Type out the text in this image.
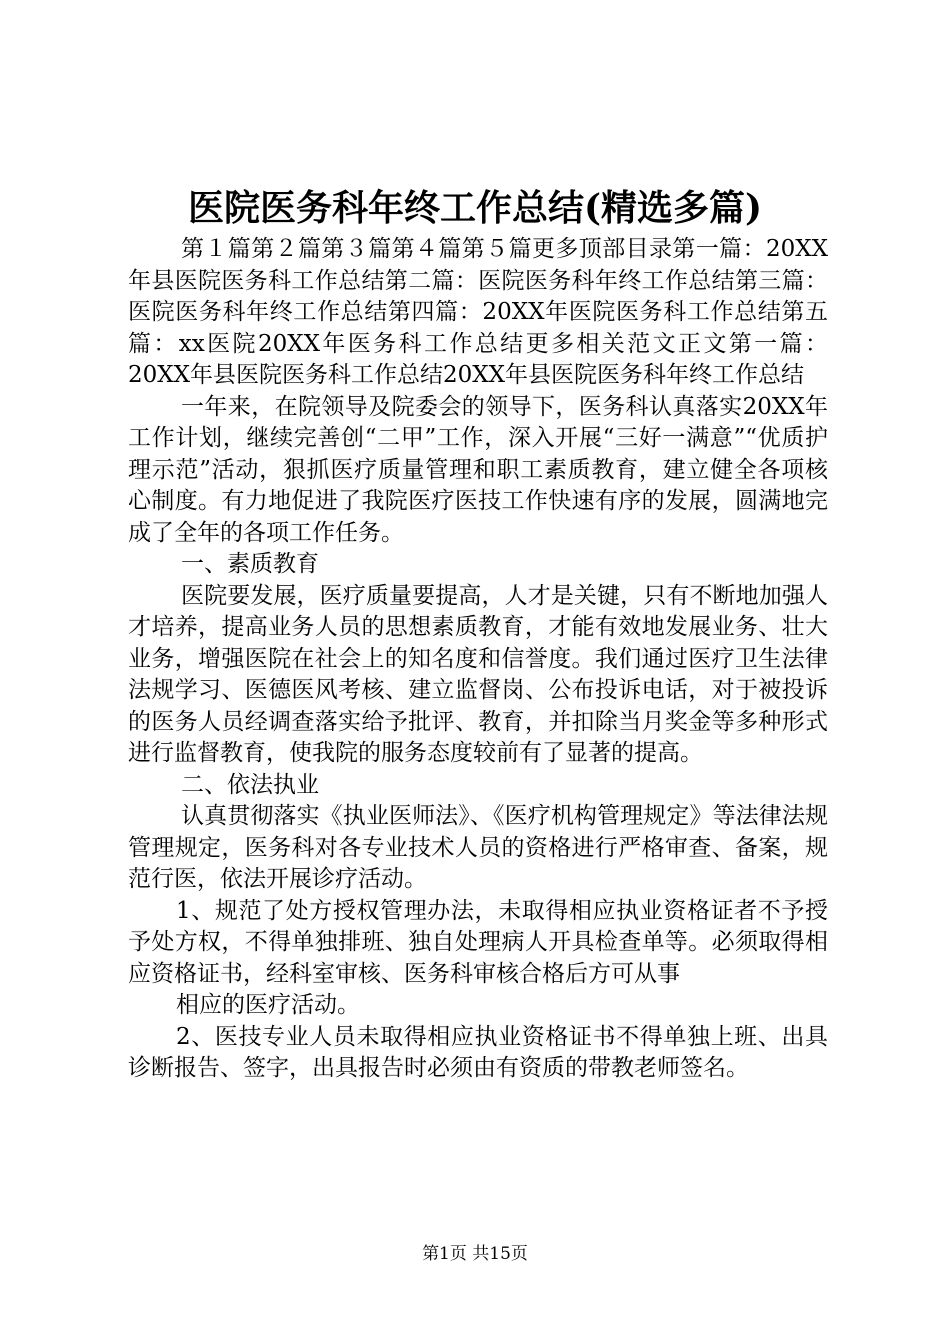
医院医务科年终工作总结(精选多篇)

第１篇第２篇第３篇第４篇第５篇更多顶部目录第一篇：20XX年县医院医务科工作总结第二篇：医院医务科年终工作总结第三篇：医院医务科年终工作总结第四篇：20XX年医院医务科工作总结第五篇：xx医院20XX年医务科工作总结更多相关范文正文第一篇：20XX年县医院医务科工作总结20XX年县医院医务科年终工作总结

一年来，在院领导及院委会的领导下，医务科认真落实20XX年工作计划，继续完善创“二甲”工作，深入开展“三好一满意”“优质护理示范”活动，狠抓医疗质量管理和职工素质教育，建立健全各项核心制度。有力地促进了我院医疗医技工作快速有序的发展，圆满地完成了全年的各项工作任务。

一、素质教育

医院要发展，医疗质量要提高，人才是关键，只有不断地加强人才培养，提高业务人员的思想素质教育，才能有效地发展业务、壮大业务，增强医院在社会上的知名度和信誉度。我们通过医疗卫生法律法规学习、医德医风考核、建立监督岗、公布投诉电话，对于被投诉的医务人员经调查落实给予批评、教育，并扣除当月奖金等多种形式进行监督教育，使我院的服务态度较前有了显著的提高。

二、依法执业

认真贯彻落实《执业医师法》、《医疗机构管理规定》等法律法规管理规定，医务科对各专业技术人员的资格进行严格审查、备案，规范行医，依法开展诊疗活动。

1、规范了处方授权管理办法，未取得相应执业资格证者不予授予处方权，不得单独排班、独自处理病人开具检查单等。必须取得相应资格证书，经科室审核、医务科审核合格后方可从事

相应的医疗活动。

2、医技专业人员未取得相应执业资格证书不得单独上班、出具诊断报告、签字，出具报告时必须由有资质的带教老师签名。

第1页 共15页
